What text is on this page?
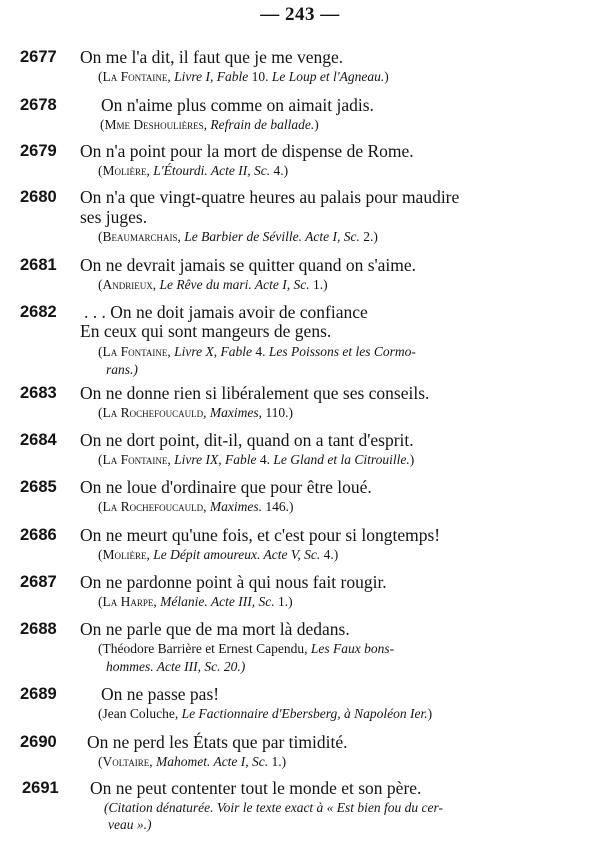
— 243 —
2677 On me l'a dit, il faut que je me venge.
(La Fontaine, Livre I, Fable 10. Le Loup et l'Agneau.)
2678	On n'aime plus comme on aimait jadis.
(Mme Deshoulières, Refrain de ballade.)
2679 On n'a point pour la mort de dispense de Rome.
(Molière, L'Étourdi. Acte II, Sc. 4.)
2680 On n'a que vingt-quatre heures au palais pour maudire
ses juges.
(Beaumarchais, Le Barbier de Séville. Acte I, Sc. 2.)
2681 On ne devrait jamais se quitter quand on s'aime.
(Andrieux, Le Rêve du mari. Acte I, Sc. 1.)
2682 . . . On ne doit jamais avoir de confiance
En ceux qui sont mangeurs de gens.
(La Fontaine, Livre X, Fable 4. Les Poissons et les Cormo-
rans.)
2683 On ne donne rien si libéralement que ses conseils.
(La Rochefoucauld, Maximes, 110.)
2684 On ne dort point, dit-il, quand on a tant d'esprit.
(La Fontaine, Livre IX, Fable 4. Le Gland et la Citrouille.)
2685 On ne loue d'ordinaire que pour être loué.
(La Rochefoucauld, Maximes. 146.)
2686 On ne meurt qu'une fois, et c'est pour si longtemps!
(Molière, Le Dépit amoureux. Acte V, Sc. 4.)
2687 On ne pardonne point à qui nous fait rougir.
(La Harpe, Mélanie. Acte III, Sc. 1.)
2688 On ne parle que de ma mort là dedans.
(Théodore Barrière et Ernest Capendu, Les Faux bons-
hommes. Acte III, Sc. 20.)
2689	On ne passe pas!
(Jean Coluche, Le Factionnaire d'Ebersberg, à Napoléon Ier.)
2690 On ne perd les États que par timidité.
(Voltaire, Mahomet. Acte I, Sc. 1.)
2691 On ne peut contenter tout le monde et son père.
(Citation dénaturée. Voir le texte exact à « Est bien fou du cer-
veau ».)
